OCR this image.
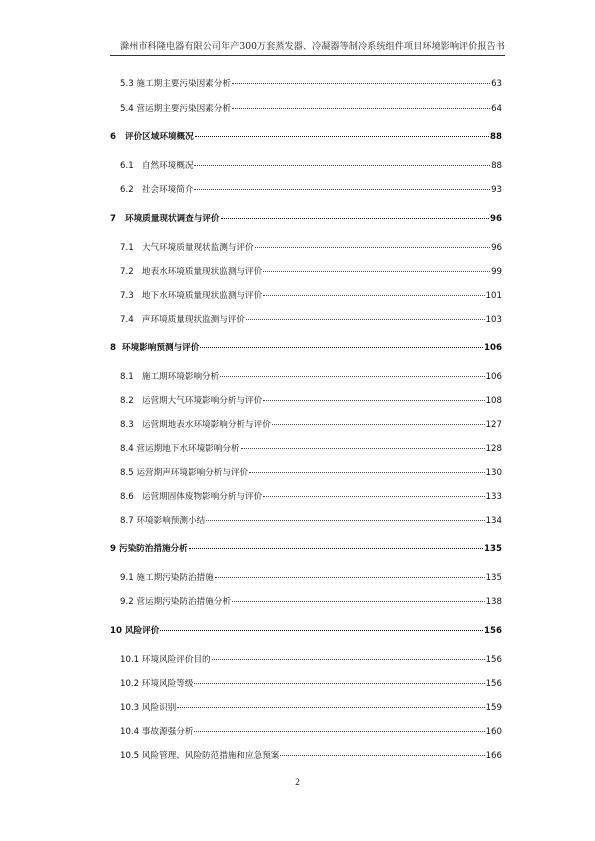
滁州市科隆电器有限公司年产300万套蒸发器、冷凝器等制冷系统组件项目环境影响评价报告书
5.3 施工期主要污染因素分析	63
5.4 营运期主要污染因素分析	64
6 评价区域环境概况	88
6.1 自然环境概况	88
6.2 社会环境简介	93
7 环境质量现状调查与评价	96
7.1 大气环境质量现状监测与评价	96
7.2 地表水环境质量现状监测与评价	99
7.3 地下水环境质量现状监测与评价	101
7.4 声环境质量现状监测与评价	103
8 环境影响预测与评价	106
8.1 施工期环境影响分析	106
8.2 运营期大气环境影响分析与评价	108
8.3 运营期地表水环境影响分析与评价	127
8.4 营运期地下水环境影响分析	128
8.5 运营期声环境影响分析与评价	130
8.6 运营期固体废物影响分析与评价	133
8.7 环境影响预测小结	134
9 污染防治措施分析	135
9.1 施工期污染防治措施	135
9.2 营运期污染防治措施分析	138
10 风险评价	156
10.1 环境风险评价目的	156
10.2 环境风险等级	156
10.3 风险识别	159
10.4 事故源强分析	160
10.5 风险管理、风险防范措施和应急预案	166
2
